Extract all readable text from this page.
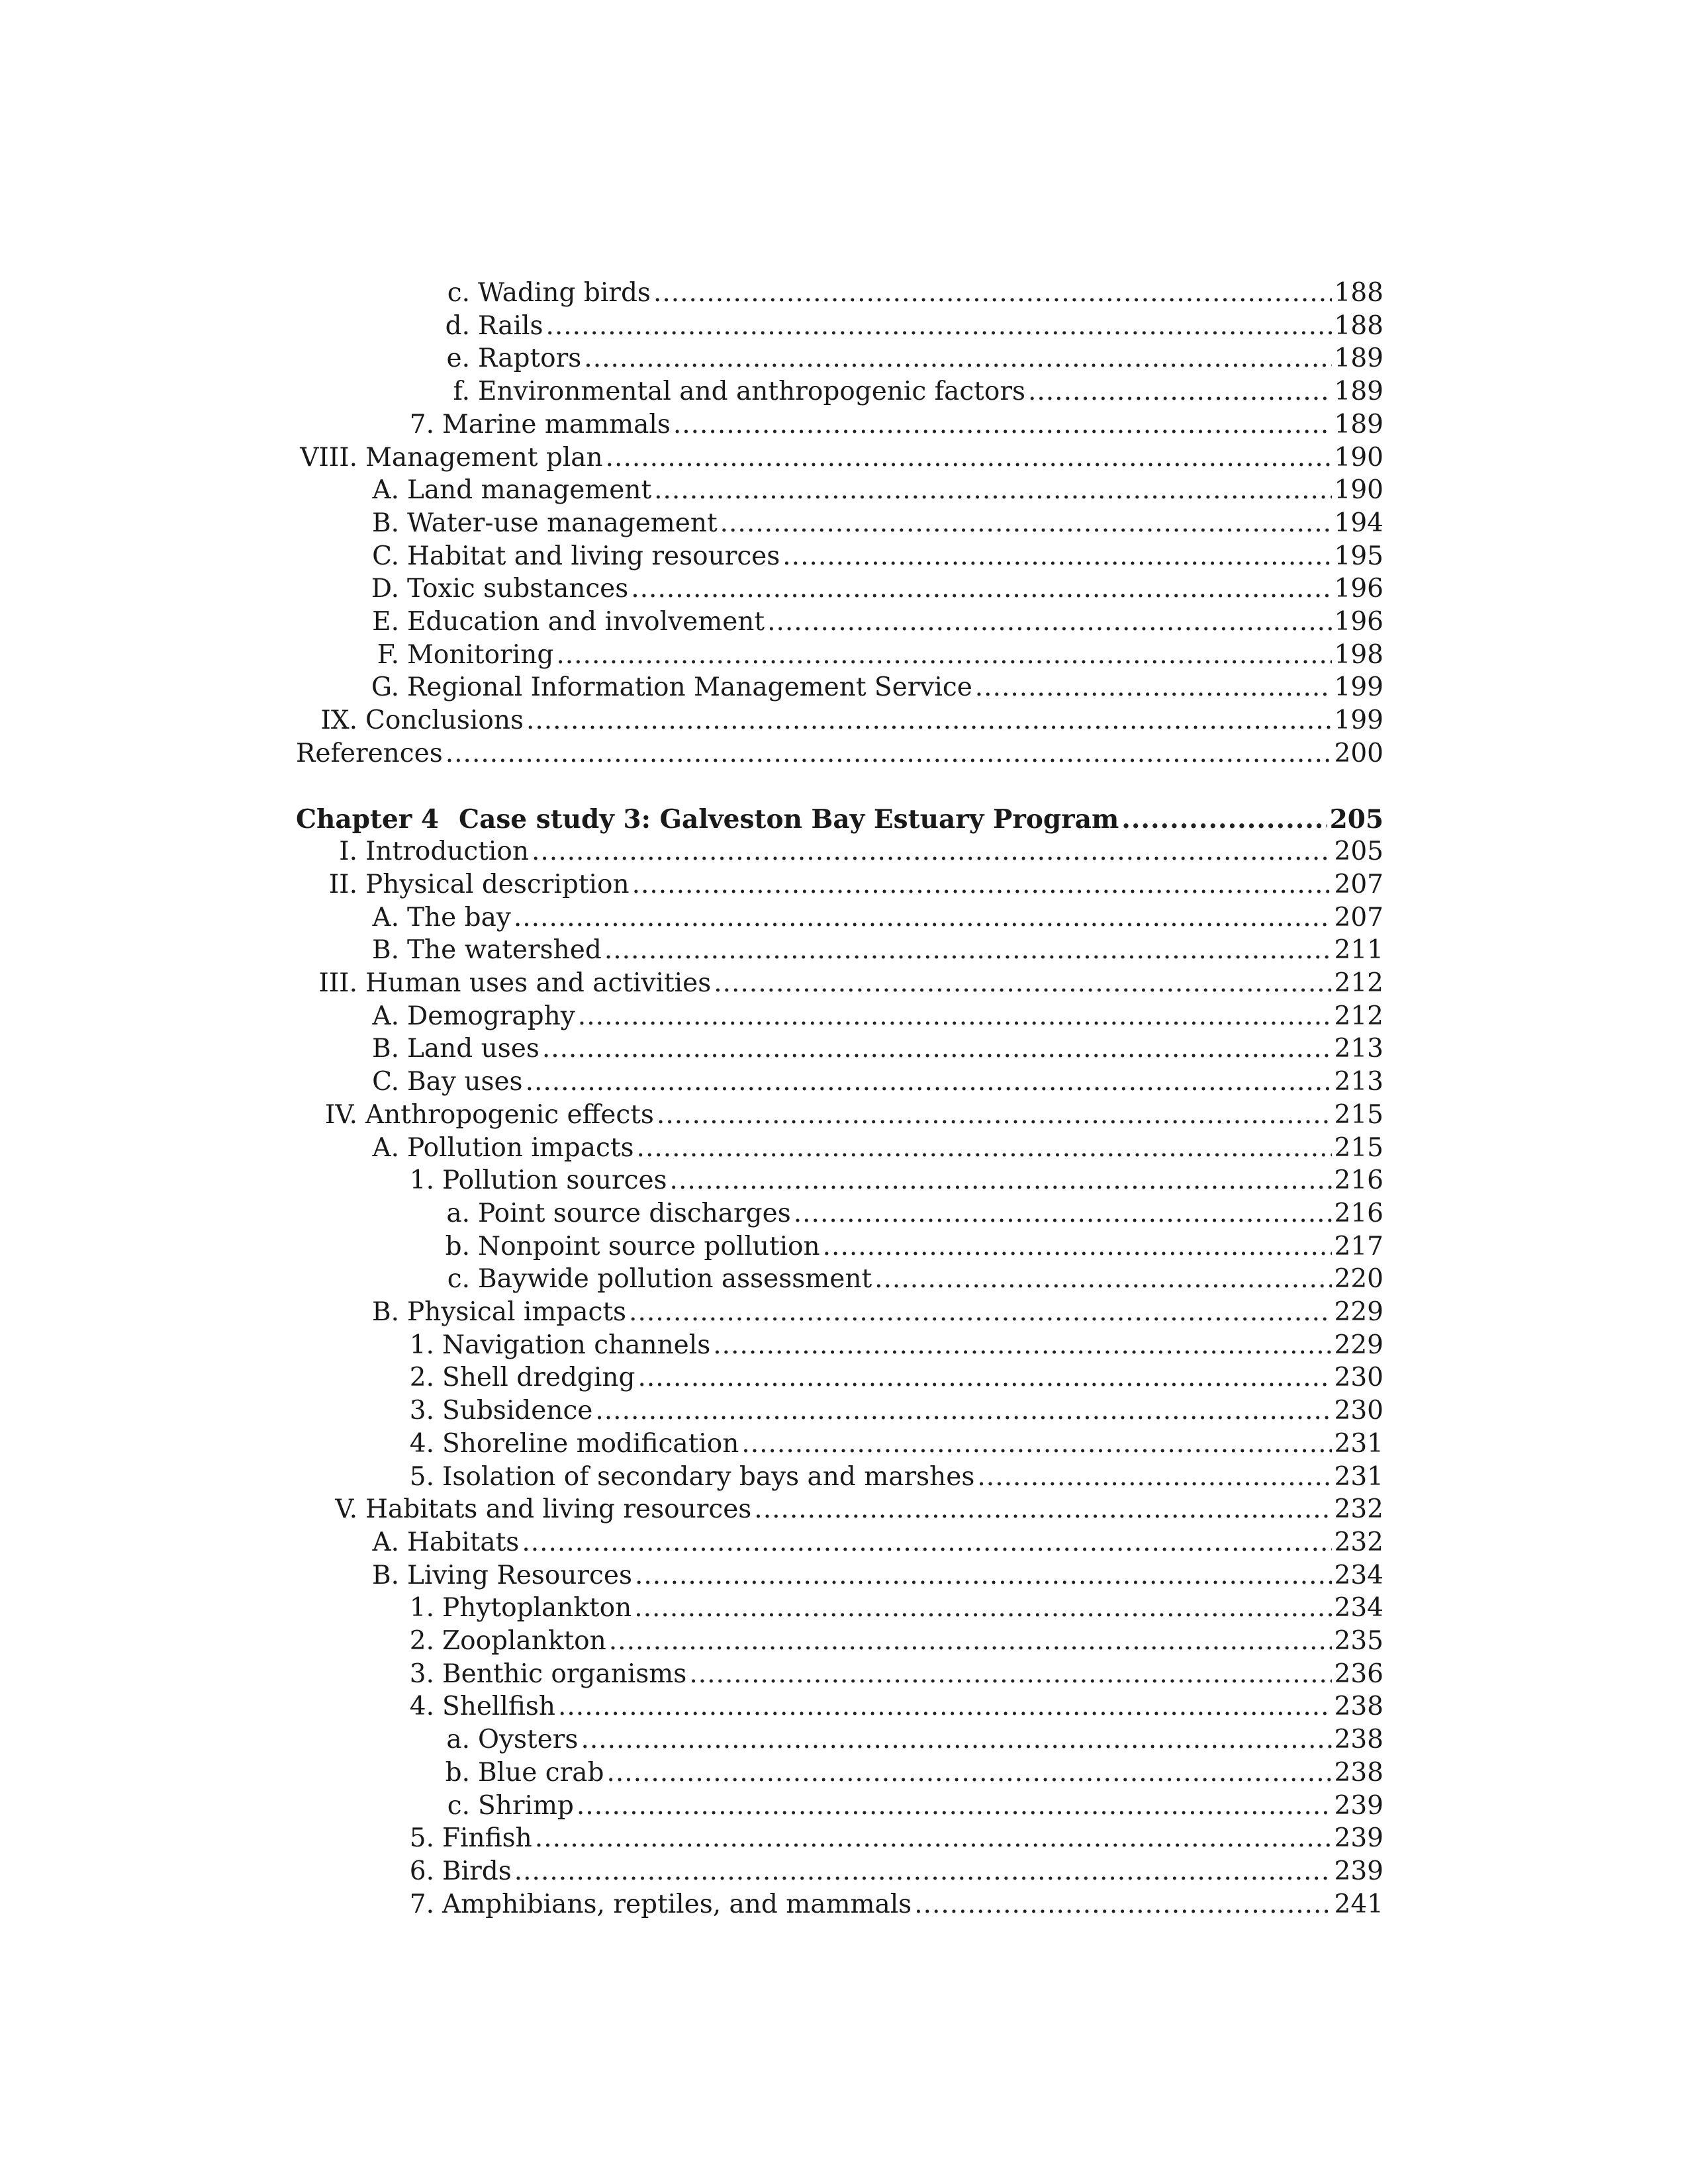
c. Wading birds .....	188
d. Rails .....	188
e. Raptors .....	189
f. Environmental and anthropogenic factors .....	189
7. Marine mammals .....	189
VIII. Management plan .....	190
A. Land management .....	190
B. Water-use management .....	194
C. Habitat and living resources .....	195
D. Toxic substances .....	196
E. Education and involvement .....	196
F. Monitoring .....	198
G. Regional Information Management Service .....	199
IX. Conclusions .....	199
References .....	200
Chapter 4 Case study 3: Galveston Bay Estuary Program .....	205
I. Introduction .....	205
II. Physical description .....	207
A. The bay .....	207
B. The watershed .....	211
III. Human uses and activities .....	212
A. Demography .....	212
B. Land uses .....	213
C. Bay uses .....	213
IV. Anthropogenic effects .....	215
A. Pollution impacts .....	215
1. Pollution sources .....	216
a. Point source discharges .....	216
b. Nonpoint source pollution .....	217
c. Baywide pollution assessment .....	220
B. Physical impacts .....	229
1. Navigation channels .....	229
2. Shell dredging .....	230
3. Subsidence .....	230
4. Shoreline modification .....	231
5. Isolation of secondary bays and marshes .....	231
V. Habitats and living resources .....	232
A. Habitats .....	232
B. Living Resources .....	234
1. Phytoplankton .....	234
2. Zooplankton .....	235
3. Benthic organisms .....	236
4. Shellfish .....	238
a. Oysters .....	238
b. Blue crab .....	238
c. Shrimp .....	239
5. Finfish .....	239
6. Birds .....	239
7. Amphibians, reptiles, and mammals .....	241
